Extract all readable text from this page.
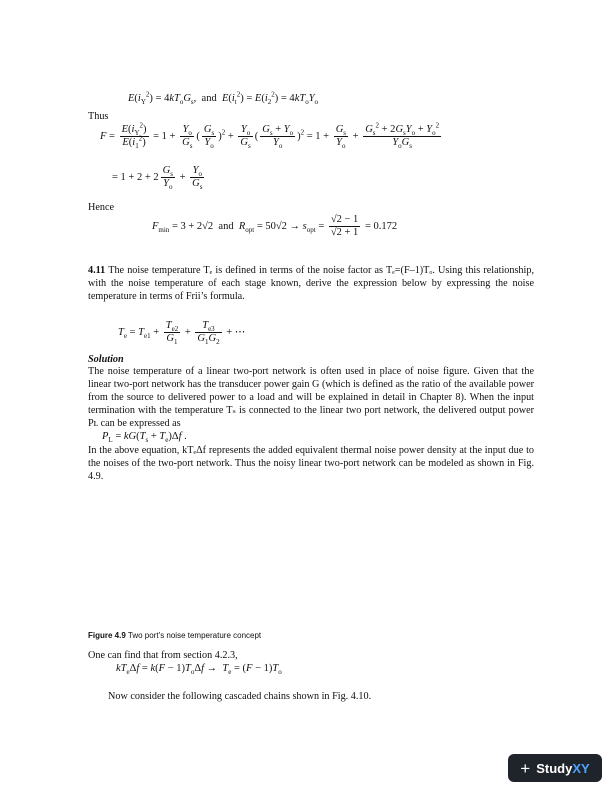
$E(i_Y^2) = 4kT_oG_s$,  and $E(i_t^2) = E(i_2^2) = 4kT_oY_o$
Thus
$F = \frac{E(i_Y^2)}{E(i_1^2)} = 1 + \frac{Y_o}{G_s}$ ( $\frac{G_s}{Y_o} )^2 + \frac{Y_o}{G_s}$ ( $\frac{G_s + Y_o}{Y_o} )^2 = 1 + \frac{G_s}{Y_o} + \frac{G_s^2 + 2G_sY_o + Y_o^2}{Y_oG_s}$
= $1 + 2 + 2 \frac{G_s}{Y_o} + \frac{Y_o}{G_s}$
Hence
$F_{min} = 3 + 2√2$ and $R_{opt} = 50√2 \to s_{opt} = \frac{√2 - 1}{√2 + 1} = 0.172$
4.11 The noise temperature Tₑ is defined in terms of the noise factor as Tₑ=(F–1)Tₒ. Using this relationship, with the noise temperature of each stage known, derive the expression below by expressing the noise temperature in terms of Frii’s formula.
$T_e = T_{e1} + \frac{T_{e2}}{G_1} + \frac{T_{e3}}{G_1G_2}$ + ⋯
Solution
The noise temperature of a linear two-port network is often used in place of noise figure. Given that the linear two-port network has the transducer power gain G (which is defined as the ratio of the available power from the source to delivered power to a load and will be explained in detail in Chapter 8). When the input termination with the temperature Tₛ is connected to the linear two port network, the delivered output power Pʟ can be expressed as
$P_L = kG(T_s + T_e)\Delta f$ .
In the above equation, kTₑΔf represents the added equivalent thermal noise power density at the input due to the noises of the two-port network. Thus the noisy linear two-port network can be modeled as shown in Fig. 4.9.
Figure 4.9 Two port’s noise temperature concept
One can find that from section 4.2.3,
$kT_e\Delta f = k(F - 1)T_o\Delta f \to T_e = (F - 1)T_o$
Now consider the following cascaded chains shown in Fig. 4.10.
+ Study XY
